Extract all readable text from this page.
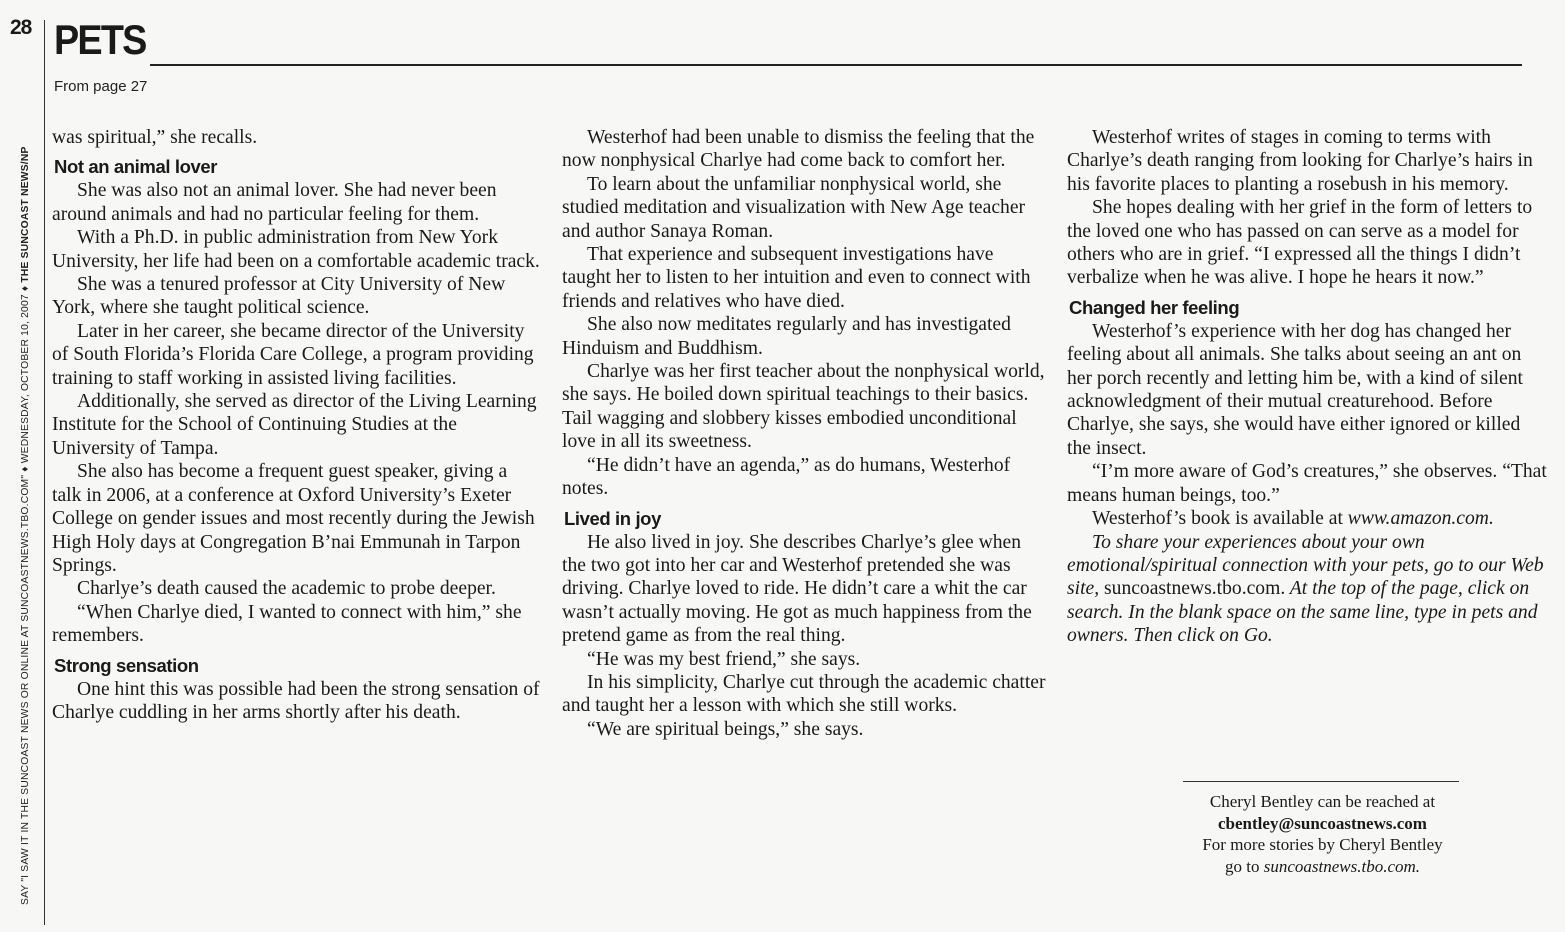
28
SAY "I SAW IT IN THE SUNCOAST NEWS OR ONLINE AT SUNCOASTNEWS.TBO.COM" ♦ WEDNESDAY, OCTOBER 10, 2007 ♦ THE SUNCOAST NEWS/NP
PETS
From page 27

was spiritual,” she recalls.

Not an animal lover

She was also not an animal lover. She had never been around animals and had no particular feeling for them.

With a Ph.D. in public administration from New York University, her life had been on a comfortable academic track.

She was a tenured professor at City University of New York, where she taught political science.

Later in her career, she became director of the University of South Florida’s Florida Care College, a program providing training to staff working in assisted living facilities.

Additionally, she served as director of the Living Learning Institute for the School of Continuing Studies at the University of Tampa.

She also has become a frequent guest speaker, giving a talk in 2006, at a conference at Oxford University’s Exeter College on gender issues and most recently during the Jewish High Holy days at Congregation B’nai Emmunah in Tarpon Springs.

Charlye’s death caused the academic to probe deeper.

“When Charlye died, I wanted to connect with him,” she remembers.

Strong sensation

One hint this was possible had been the strong sensation of Charlye cuddling in her arms shortly after his death.

Westerhof had been unable to dismiss the feeling that the now nonphysical Charlye had come back to comfort her.

To learn about the unfamiliar nonphysical world, she studied meditation and visualization with New Age teacher and author Sanaya Roman.

That experience and subsequent investigations have taught her to listen to her intuition and even to connect with friends and relatives who have died.

She also now meditates regularly and has investigated Hinduism and Buddhism.

Charlye was her first teacher about the nonphysical world, she says. He boiled down spiritual teachings to their basics. Tail wagging and slobbery kisses embodied unconditional love in all its sweetness.

“He didn’t have an agenda,” as do humans, Westerhof notes.

Lived in joy

He also lived in joy. She describes Charlye’s glee when the two got into her car and Westerhof pretended she was driving. Charlye loved to ride. He didn’t care a whit the car wasn’t actually moving. He got as much happiness from the pretend game as from the real thing.

“He was my best friend,” she says.

In his simplicity, Charlye cut through the academic chatter and taught her a lesson with which she still works.

“We are spiritual beings,” she says.

Westerhof writes of stages in coming to terms with Charlye’s death ranging from looking for Charlye’s hairs in his favorite places to planting a rosebush in his memory.

She hopes dealing with her grief in the form of letters to the loved one who has passed on can serve as a model for others who are in grief. “I expressed all the things I didn’t verbalize when he was alive. I hope he hears it now.”

Changed her feeling

Westerhof’s experience with her dog has changed her feeling about all animals. She talks about seeing an ant on her porch recently and letting him be, with a kind of silent acknowledgment of their mutual creaturehood. Before Charlye, she says, she would have either ignored or killed the insect.

“I’m more aware of God’s creatures,” she observes. “That means human beings, too.”

Westerhof’s book is available at www.amazon.com.

To share your experiences about your own emotional/spiritual connection with your pets, go to our Web site, suncoastnews.tbo.com. At the top of the page, click on search. In the blank space on the same line, type in pets and owners. Then click on Go.

Cheryl Bentley can be reached at
cbentley@suncoastnews.com
For more stories by Cheryl Bentley
go to suncoastnews.tbo.com.
